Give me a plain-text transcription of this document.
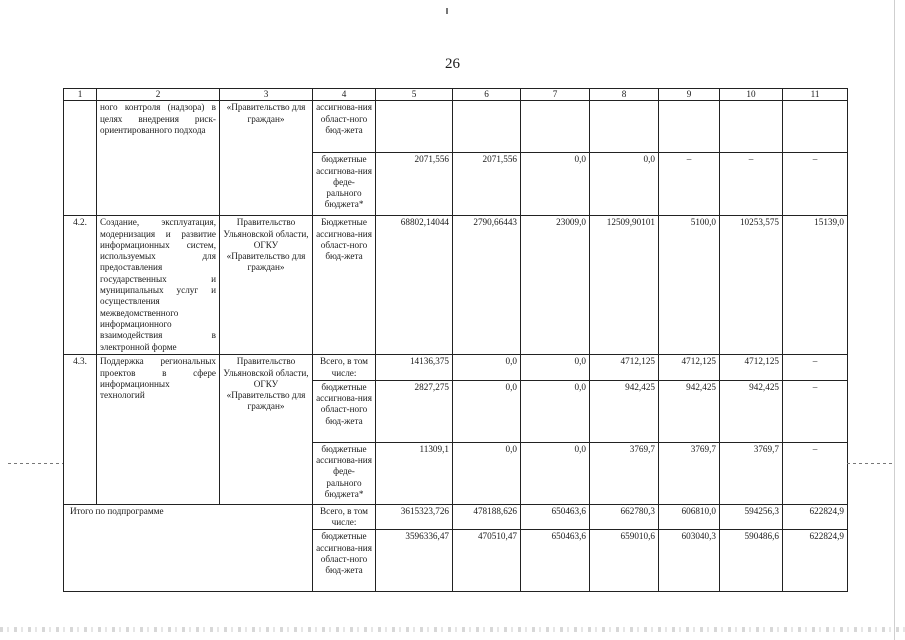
26
1	2	3	4	5	6	7	8	9	10	11
	ного контроля (надзора) в целях внедрения риск-ориентированного подхода	«Правительство для граждан»	ассигнова-ния област-ного бюд-жета							
			бюджетные ассигнова-ния феде-рального бюджета*	2071,556	2071,556	0,0	0,0	–	–	–
4.2.	Создание, эксплуатация, модернизация и развитие информационных систем, используемых для предоставления государственных и муниципальных услуг и осуществления межведомственного информационного взаимодействия в электронной форме	Правительство Ульяновской области, ОГКУ «Правительство для граждан»	Бюджетные ассигнова-ния област-ного бюд-жета	68802,14044	2790,66443	23009,0	12509,90101	5100,0	10253,575	15139,0
4.3.	Поддержка региональных проектов в сфере информационных технологий	Правительство Ульяновской области, ОГКУ «Правительство для граждан»	Всего, в том числе:	14136,375	0,0	0,0	4712,125	4712,125	4712,125	–
			бюджетные ассигнова-ния област-ного бюд-жета	2827,275	0,0	0,0	942,425	942,425	942,425	–
			бюджетные ассигнова-ния феде-рального бюджета*	11309,1	0,0	0,0	3769,7	3769,7	3769,7	–
Итого по подпрограмме			Всего, в том числе:	3615323,726	478188,626	650463,6	662780,3	606810,0	594256,3	622824,9
			бюджетные ассигнова-ния област-ного бюд-жета	3596336,47	470510,47	650463,6	659010,6	603040,3	590486,6	622824,9
